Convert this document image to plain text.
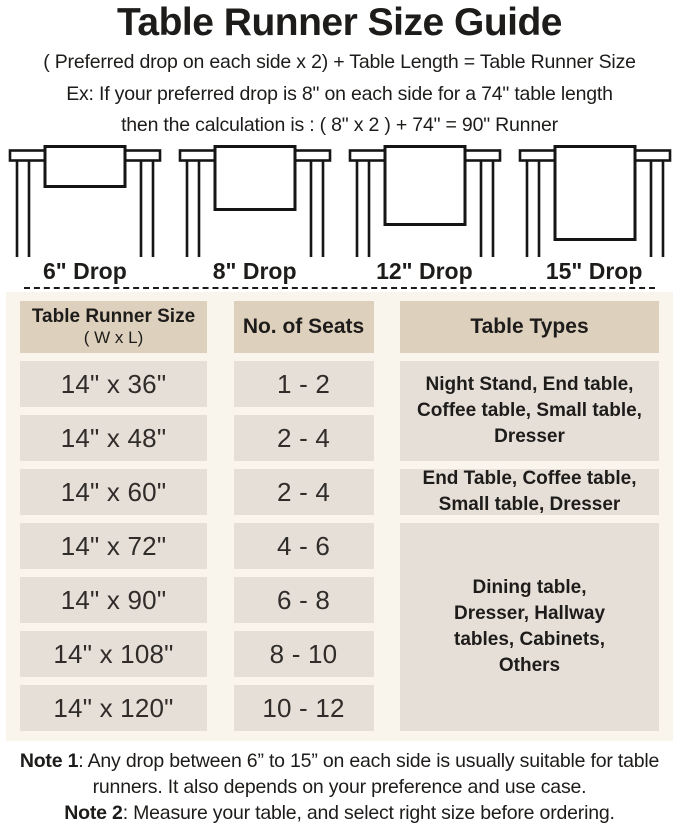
Table Runner Size Guide

( Preferred drop on each side x 2) + Table Length = Table Runner Size

Ex: If your preferred drop is 8" on each side for a 74" table length

then the calculation is : ( 8" x 2 ) + 74" = 90" Runner

6" Drop	8" Drop	12" Drop	15" Drop
Table Runner Size
( W x L)	No. of Seats	Table Types
14" x 36"	1 - 2	Night Stand, End table, Coffee table, Small table, Dresser
14" x 48"	2 - 4
14" x 60"	2 - 4	End Table, Coffee table, Small table, Dresser
14" x 72"	4 - 6
Dining table, Dresser, Hallway tables, Cabinets, Others
14" x 90"	6 - 8
14" x 108"	8 - 10
14" x 120"	10 - 12

Note 1: Any drop between 6” to 15” on each side is usually suitable for table runners. It also depends on your preference and use case.

Note 2: Measure your table, and select right size before ordering.
